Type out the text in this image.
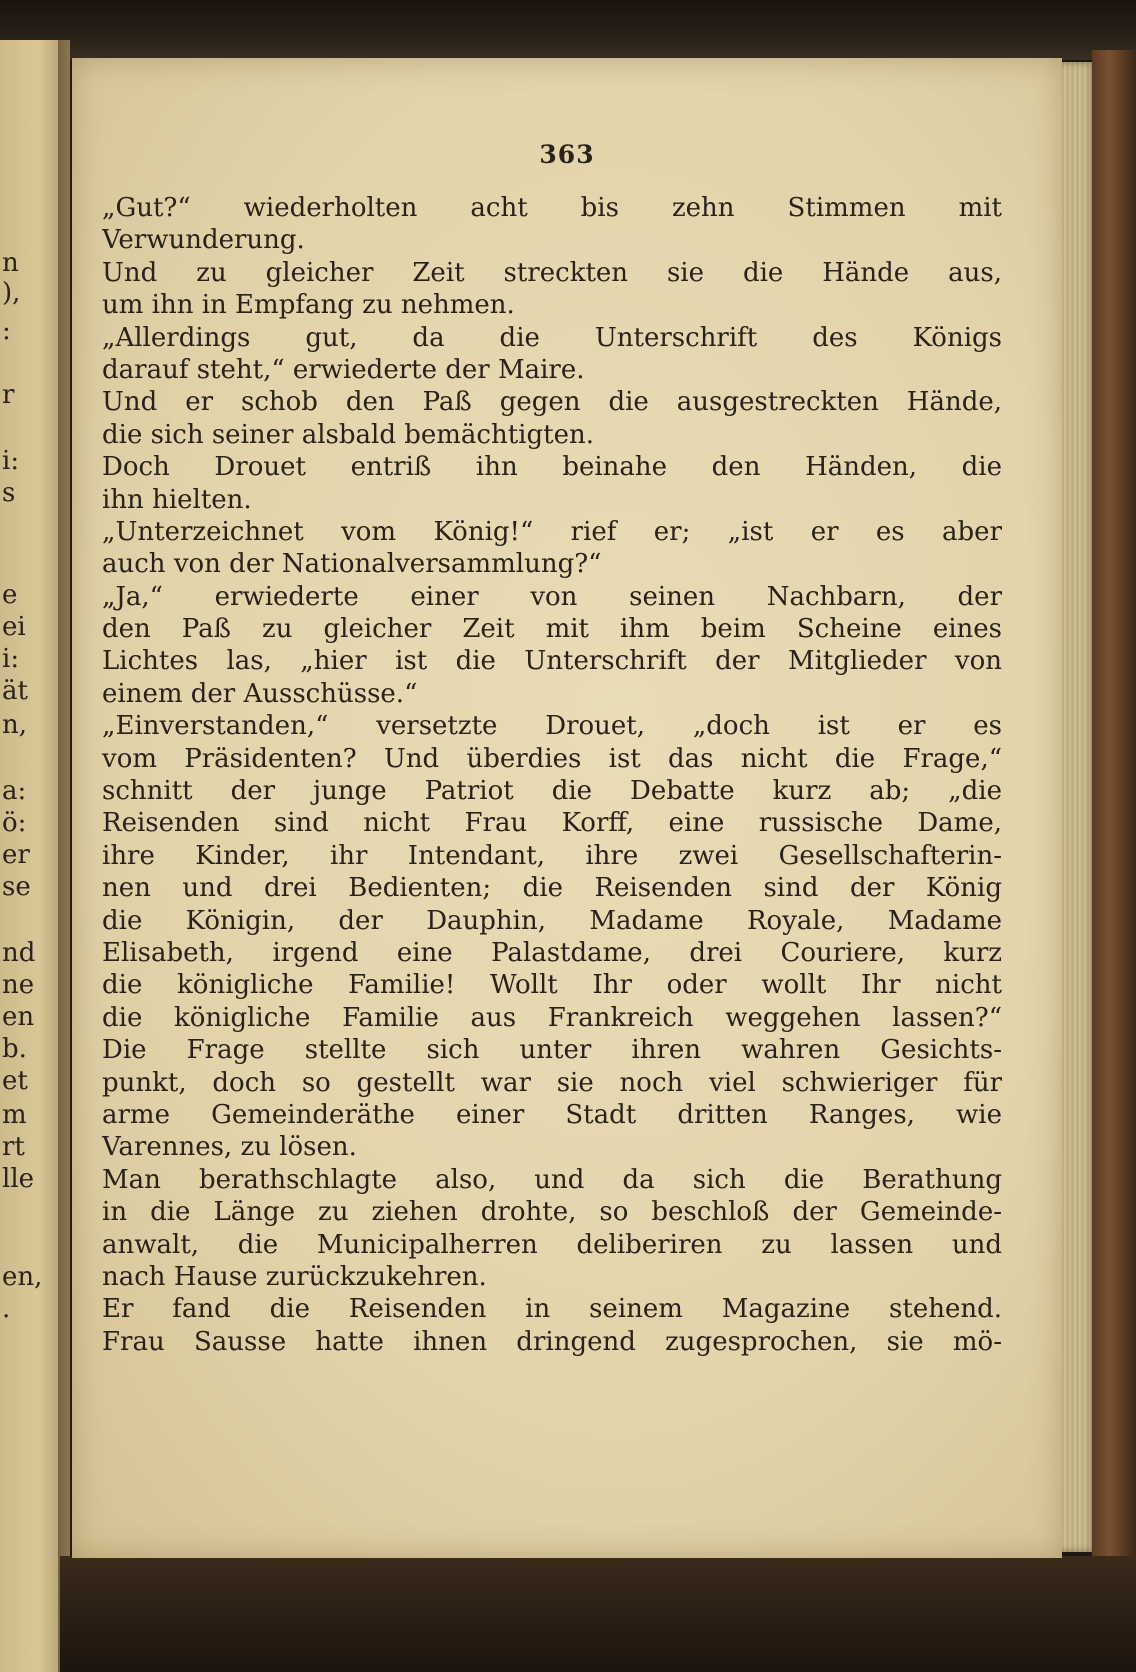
n
),
:
r
i:
s
e
ei
i:
ät
n,
a:
ö:
er
se
nd
ne
en
b.
et
m
rt
lle
en,
.
363
„Gut?“ wiederholten acht bis zehn Stimmen mit
Verwunderung.
Und zu gleicher Zeit streckten sie die Hände aus,
um ihn in Empfang zu nehmen.
„Allerdings gut, da die Unterschrift des Königs
darauf steht,“ erwiederte der Maire.
Und er schob den Paß gegen die ausgestreckten Hände,
die sich seiner alsbald bemächtigten.
Doch Drouet entriß ihn beinahe den Händen, die
ihn hielten.
„Unterzeichnet vom König!“ rief er; „ist er es aber
auch von der Nationalversammlung?“
„Ja,“ erwiederte einer von seinen Nachbarn, der
den Paß zu gleicher Zeit mit ihm beim Scheine eines
Lichtes las, „hier ist die Unterschrift der Mitglieder von
einem der Ausschüsse.“
„Einverstanden,“ versetzte Drouet, „doch ist er es
vom Präsidenten? Und überdies ist das nicht die Frage,“
schnitt der junge Patriot die Debatte kurz ab; „die
Reisenden sind nicht Frau Korff, eine russische Dame,
ihre Kinder, ihr Intendant, ihre zwei Gesellschafterin-
nen und drei Bedienten; die Reisenden sind der König
die Königin, der Dauphin, Madame Royale, Madame
Elisabeth, irgend eine Palastdame, drei Couriere, kurz
die königliche Familie! Wollt Ihr oder wollt Ihr nicht
die königliche Familie aus Frankreich weggehen lassen?“
Die Frage stellte sich unter ihren wahren Gesichts-
punkt, doch so gestellt war sie noch viel schwieriger für
arme Gemeinderäthe einer Stadt dritten Ranges, wie
Varennes, zu lösen.
Man berathschlagte also, und da sich die Berathung
in die Länge zu ziehen drohte, so beschloß der Gemeinde-
anwalt, die Municipalherren deliberiren zu lassen und
nach Hause zurückzukehren.
Er fand die Reisenden in seinem Magazine stehend.
Frau Sausse hatte ihnen dringend zugesprochen, sie mö-
